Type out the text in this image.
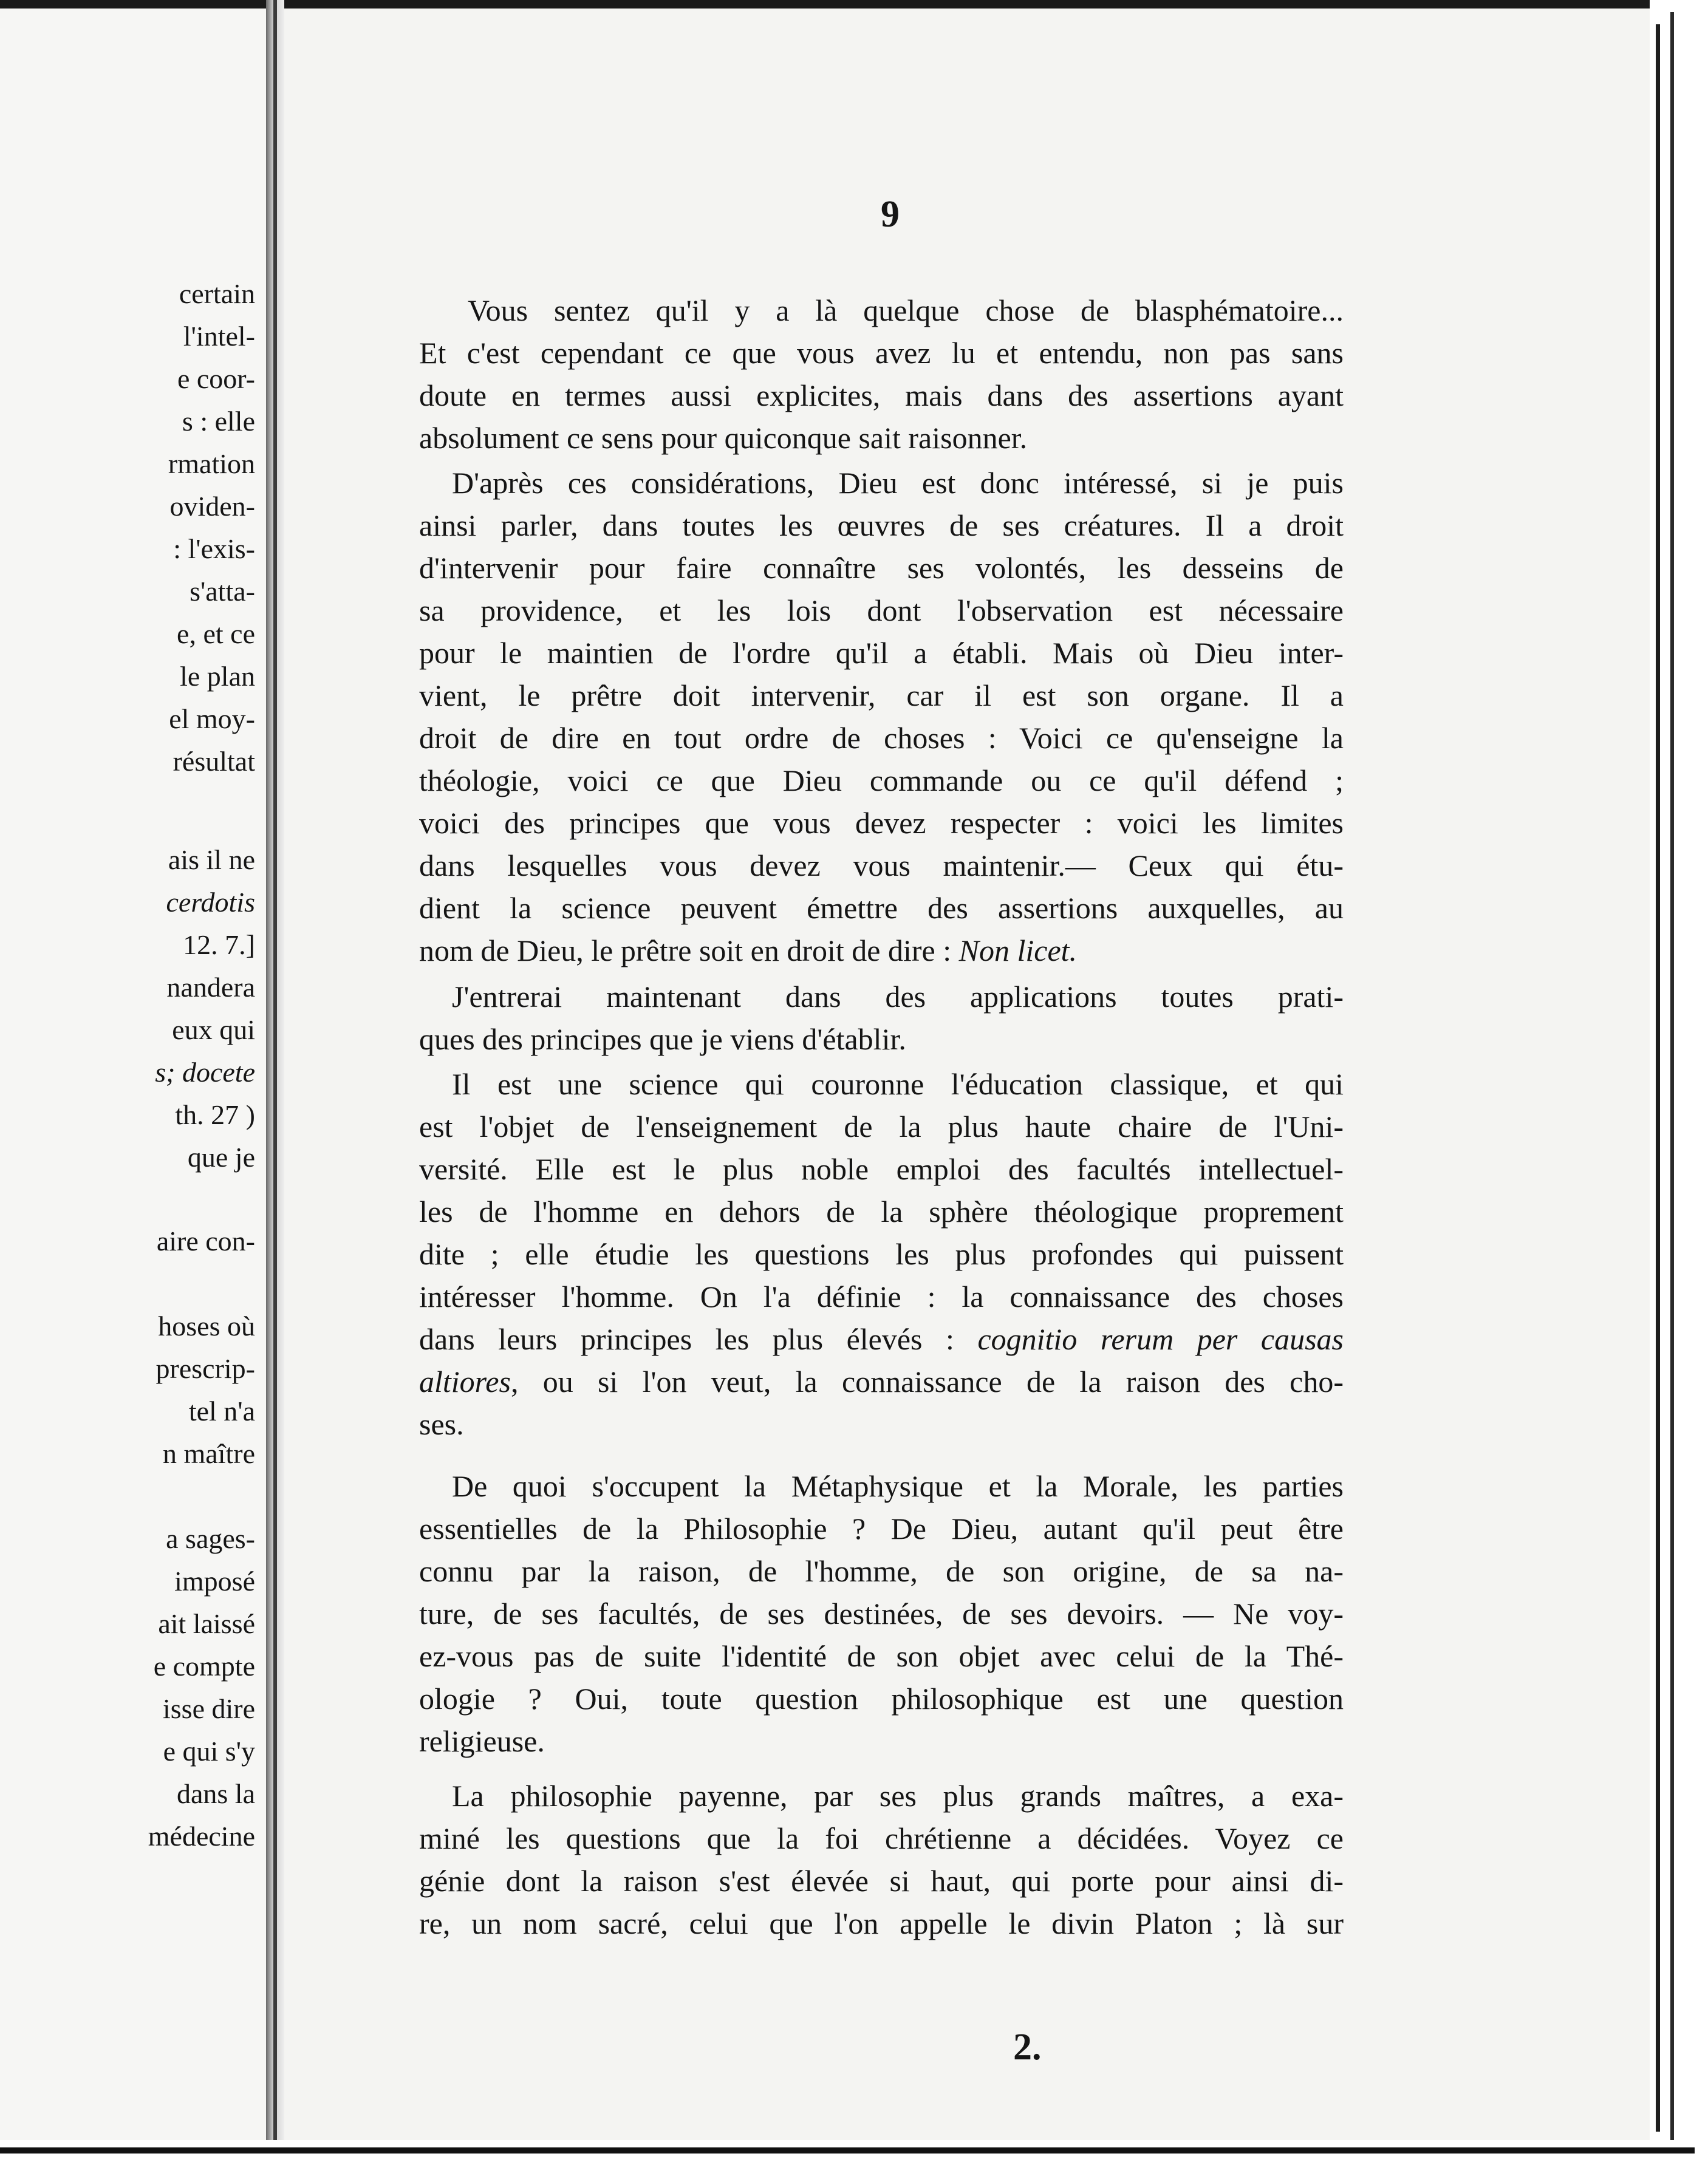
certain
l'intel-
e coor-
s : elle
rmation
oviden-
: l'exis-
s'atta-
e, et ce
le plan
el moy-
résultat
ais il ne
cerdotis
12. 7.]
nandera
eux qui
s; docete
th. 27 )
que je
aire con-
hoses où
prescrip-
tel n'a
n maître
a sages-
imposé
ait laissé
e compte
isse dire
e qui s'y
dans la
médecine
9
Vous sentez qu'il y a là quelque chose de blasphématoire...
Et c'est cependant ce que vous avez lu et entendu, non pas sans
doute en termes aussi explicites, mais dans des assertions ayant
absolument ce sens pour quiconque sait raisonner.
D'après ces considérations, Dieu est donc intéressé, si je puis
ainsi parler, dans toutes les œuvres de ses créatures. Il a droit
d'intervenir pour faire connaître ses volontés, les desseins de
sa providence, et les lois dont l'observation est nécessaire
pour le maintien de l'ordre qu'il a établi. Mais où Dieu inter-
vient, le prêtre doit intervenir, car il est son organe. Il a
droit de dire en tout ordre de choses : Voici ce qu'enseigne la
théologie, voici ce que Dieu commande ou ce qu'il défend ;
voici des principes que vous devez respecter : voici les limites
dans lesquelles vous devez vous maintenir.— Ceux qui étu-
dient la science peuvent émettre des assertions auxquelles, au
nom de Dieu, le prêtre soit en droit de dire : Non licet.
J'entrerai maintenant dans des applications toutes prati-
ques des principes que je viens d'établir.
Il est une science qui couronne l'éducation classique, et qui
est l'objet de l'enseignement de la plus haute chaire de l'Uni-
versité. Elle est le plus noble emploi des facultés intellectuel-
les de l'homme en dehors de la sphère théologique proprement
dite ; elle étudie les questions les plus profondes qui puissent
intéresser l'homme. On l'a définie : la connaissance des choses
dans leurs principes les plus élevés : cognitio rerum per causas
altiores, ou si l'on veut, la connaissance de la raison des cho-
ses.
De quoi s'occupent la Métaphysique et la Morale, les parties
essentielles de la Philosophie ? De Dieu, autant qu'il peut être
connu par la raison, de l'homme, de son origine, de sa na-
ture, de ses facultés, de ses destinées, de ses devoirs. — Ne voy-
ez-vous pas de suite l'identité de son objet avec celui de la Thé-
ologie ? Oui, toute question philosophique est une question
religieuse.
La philosophie payenne, par ses plus grands maîtres, a exa-
miné les questions que la foi chrétienne a décidées. Voyez ce
génie dont la raison s'est élevée si haut, qui porte pour ainsi di-
re, un nom sacré, celui que l'on appelle le divin Platon ; là sur
2.
